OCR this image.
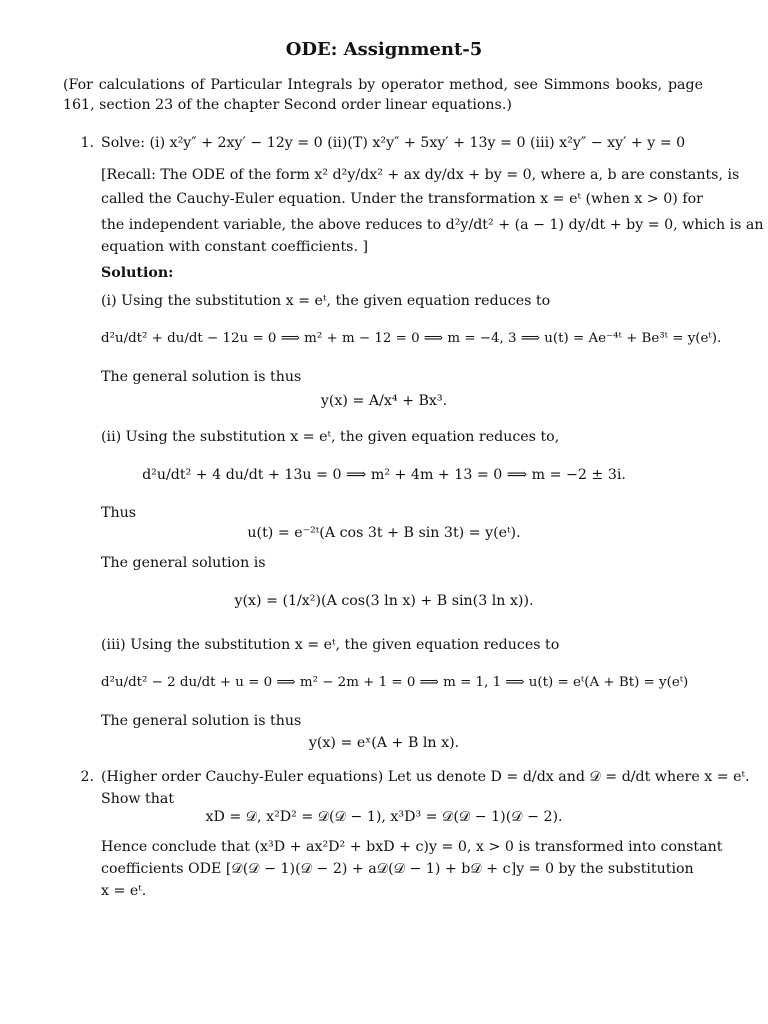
ODE: Assignment-5
(For calculations of Particular Integrals by operator method, see Simmons books, page 161, section 23 of the chapter Second order linear equations.)
1. Solve: (i) x²y″ + 2xy′ − 12y = 0 (ii)(T) x²y″ + 5xy′ + 13y = 0 (iii) x²y″ − xy′ + y = 0
[Recall: The ODE of the form x² d²y/dx² + ax dy/dx + by = 0, where a, b are constants, is
called the Cauchy-Euler equation. Under the transformation x = eᵗ (when x > 0) for
the independent variable, the above reduces to d²y/dt² + (a − 1) dy/dt + by = 0, which is an
equation with constant coefficients. ]
Solution:
(i) Using the substitution x = eᵗ, the given equation reduces to
d²u/dt² + du/dt − 12u = 0 ⟹ m² + m − 12 = 0 ⟹ m = −4, 3 ⟹ u(t) = Ae⁻⁴ᵗ + Be³ᵗ = y(eᵗ).
The general solution is thus
y(x) = A/x⁴ + Bx³.
(ii) Using the substitution x = eᵗ, the given equation reduces to,
d²u/dt² + 4 du/dt + 13u = 0 ⟹ m² + 4m + 13 = 0 ⟹ m = −2 ± 3i.
Thus
u(t) = e⁻²ᵗ(A cos 3t + B sin 3t) = y(eᵗ).
The general solution is
y(x) = (1/x²)(A cos(3 ln x) + B sin(3 ln x)).
(iii) Using the substitution x = eᵗ, the given equation reduces to
d²u/dt² − 2 du/dt + u = 0 ⟹ m² − 2m + 1 = 0 ⟹ m = 1, 1 ⟹ u(t) = eᵗ(A + Bt) = y(eᵗ)
The general solution is thus
y(x) = eˣ(A + B ln x).
2. (Higher order Cauchy-Euler equations) Let us denote D = d/dx and 𝒟 = d/dt where x = eᵗ.
Show that
xD = 𝒟, x²D² = 𝒟(𝒟 − 1), x³D³ = 𝒟(𝒟 − 1)(𝒟 − 2).
Hence conclude that (x³D + ax²D² + bxD + c)y = 0, x > 0 is transformed into constant
coefficients ODE [𝒟(𝒟 − 1)(𝒟 − 2) + a𝒟(𝒟 − 1) + b𝒟 + c]y = 0 by the substitution
x = eᵗ.
